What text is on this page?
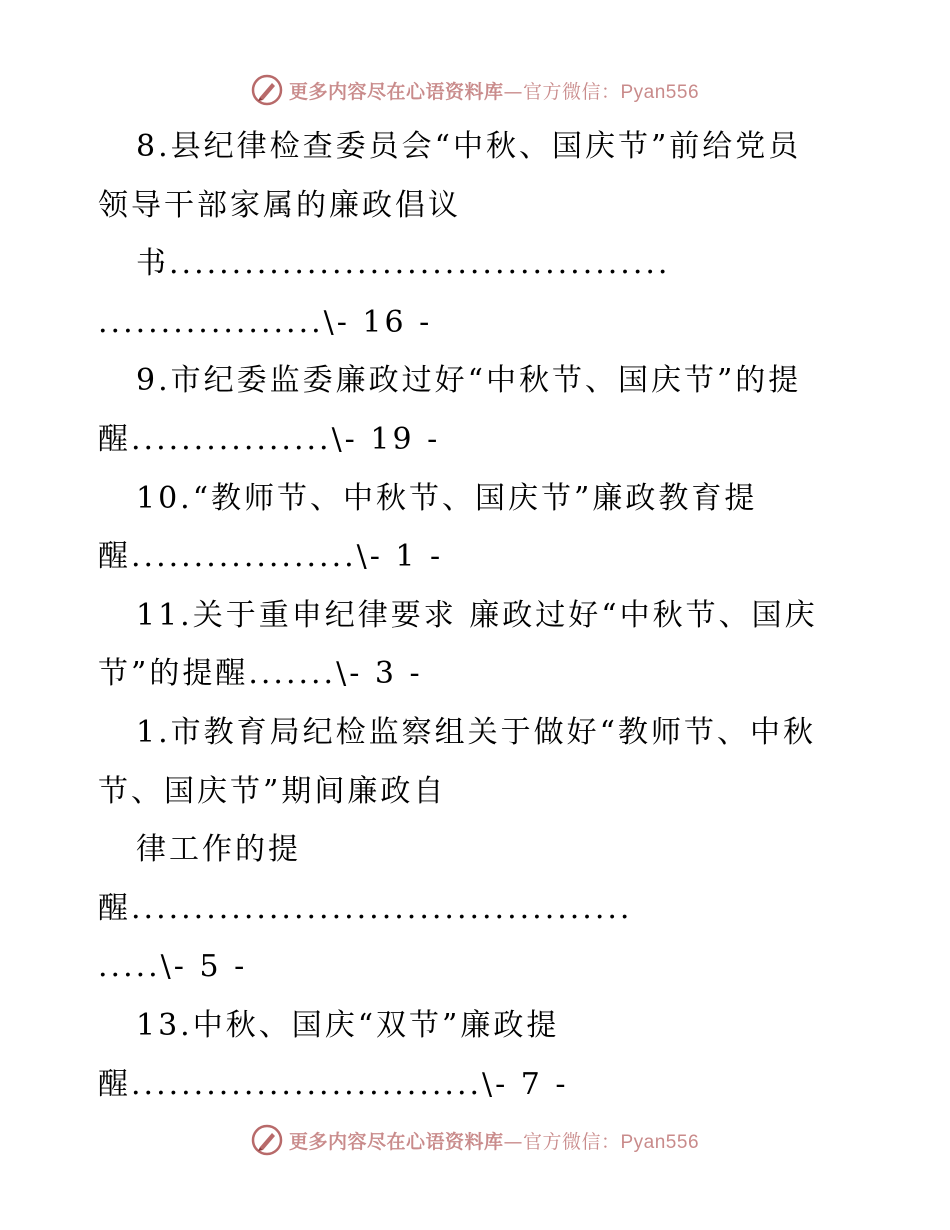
更多内容尽在心语资料库—官方微信：Pyan556
8.县纪律检查委员会“中秋、国庆节”前给党员
领导干部家属的廉政倡议
书........................................
..................\- 16 -
9.市纪委监委廉政过好“中秋节、国庆节”的提
醒................\- 19 -
10.“教师节、中秋节、国庆节”廉政教育提
醒..................\- 1 -
11.关于重申纪律要求 廉政过好“中秋节、国庆
节”的提醒.......\- 3 -
1.市教育局纪检监察组关于做好“教师节、中秋
节、国庆节”期间廉政自
律工作的提
醒........................................
.....\- 5 -
13.中秋、国庆“双节”廉政提
醒............................\- 7 -
更多内容尽在心语资料库—官方微信：Pyan556
